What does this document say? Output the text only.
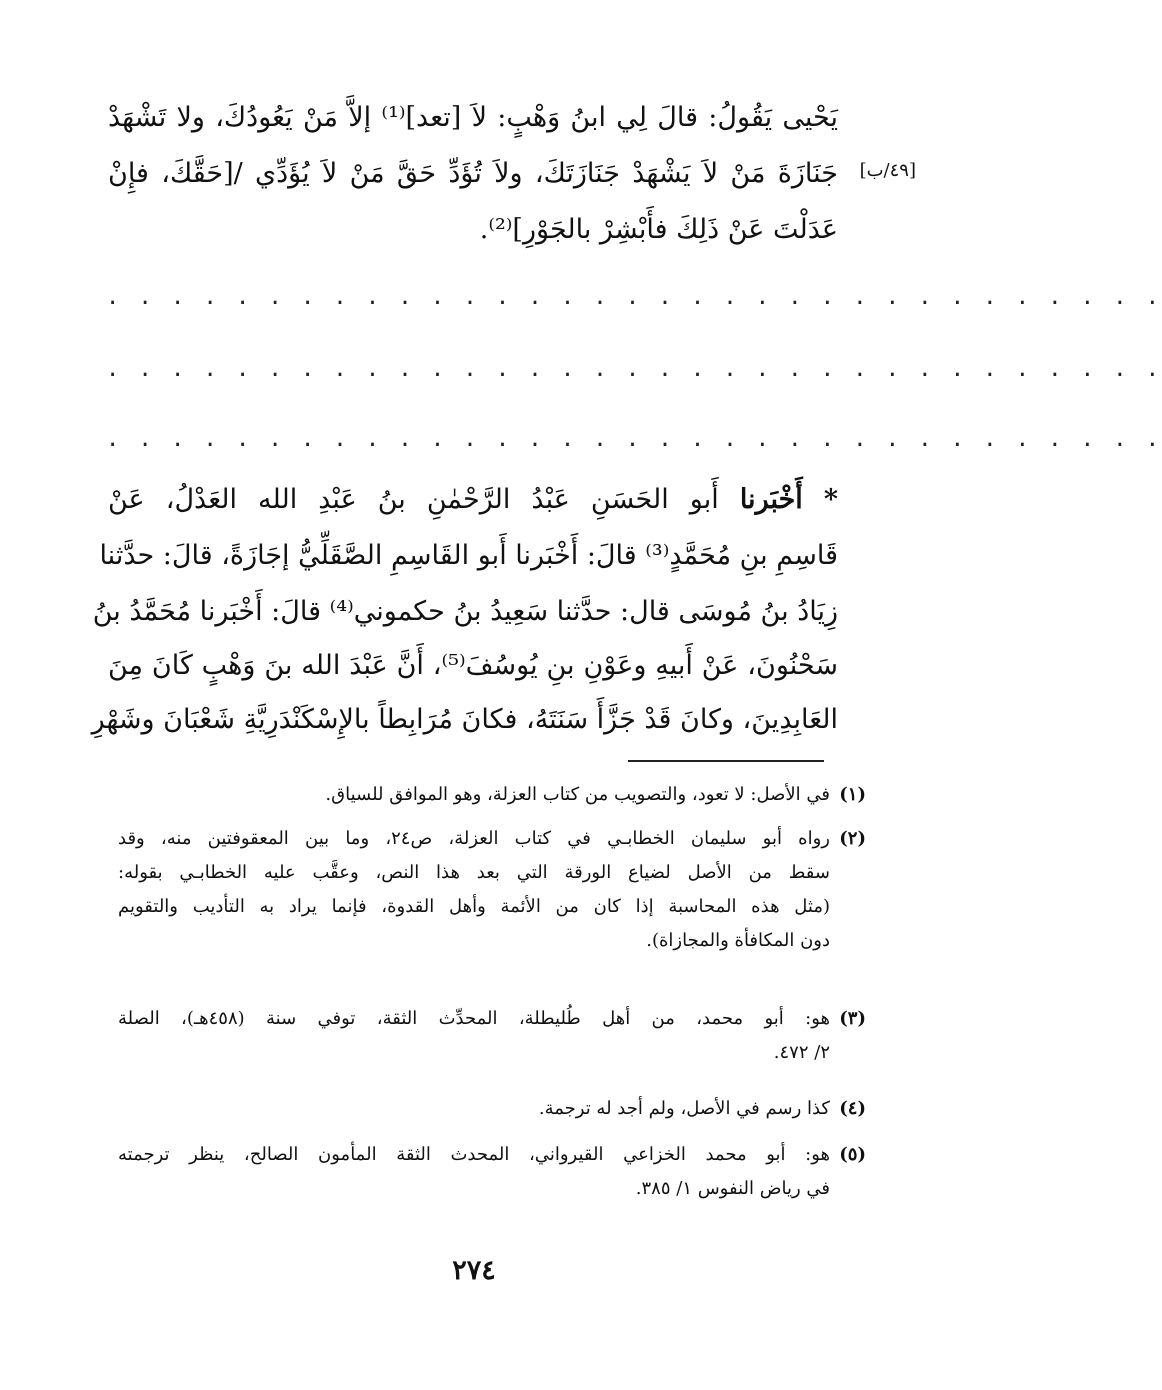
يَحْيى يَقُولُ: قالَ لِي ابنُ وَهْبٍ: لاَ [تعد]⁽¹⁾ إلاَّ مَنْ يَعُودُكَ، ولا تَشْهَدْ
جَنَازَةَ مَنْ لاَ يَشْهَدْ جَنَازَتَكَ، ولاَ تُؤَدِّ حَقَّ مَنْ لاَ يُؤَدِّي /[حَقَّكَ، فإِنْ
عَدَلْتَ عَنْ ذَلِكَ فأَبْشِرْ بالجَوْرِ]⁽²⁾.
[٤٩/ب]
. . . . . . . . . . . . . . . . . . . . . . . . . . . . . . . . .
. . . . . . . . . . . . . . . . . . . . . . . . . . . . . . . . .
. . . . . . . . . . . . . . . . . . . . . . . . . . . . . . . . .
* أَخْبَرنا أَبو الحَسَنِ عَبْدُ الرَّحْمٰنِ بنُ عَبْدِ الله العَدْلُ، عَنْ
قَاسِمِ بنِ مُحَمَّدٍ⁽³⁾ قالَ: أَخْبَرنا أَبو القَاسِمِ الصَّقَلِّيُّ إجَازَةً، قالَ: حدَّثنا
زِيَادُ بنُ مُوسَى قال: حدَّثنا سَعِيدُ بنُ حكموني⁽⁴⁾ قالَ: أَخْبَرنا مُحَمَّدُ بنُ
سَحْنُونَ، عَنْ أَبيهِ وعَوْنِ بنِ يُوسُفَ⁽⁵⁾، أَنَّ عَبْدَ الله بنَ وَهْبٍ كَانَ مِنَ
العَابِدِينَ، وكانَ قَدْ جَزَّأَ سَنَتَهُ، فكانَ مُرَابِطاً بالإِسْكَنْدَرِيَّةِ شَعْبَانَ وشَهْرِ
(١)
في الأصل: لا تعود، والتصويب من كتاب العزلة، وهو الموافق للسياق.
(٢)
رواه أبو سليمان الخطابـي في كتاب العزلة، ص٢٤، وما بين المعقوفتين منه، وقد
سقط من الأصل لضياع الورقة التي بعد هذا النص، وعقَّب عليه الخطابـي بقوله:
(مثل هذه المحاسبة إذا كان من الأئمة وأهل القدوة، فإنما يراد به التأديب والتقويم
دون المكافأة والمجازاة).
(٣)
هو: أبو محمد، من أهل طُليطلة، المحدِّث الثقة، توفي سنة (٤٥٨هـ)، الصلة
٢/ ٤٧٢.
(٤)
كذا رسم في الأصل، ولم أجد له ترجمة.
(٥)
هو: أبو محمد الخزاعي القيرواني، المحدث الثقة المأمون الصالح، ينظر ترجمته
في رياض النفوس ١/ ٣٨٥.
٢٧٤
